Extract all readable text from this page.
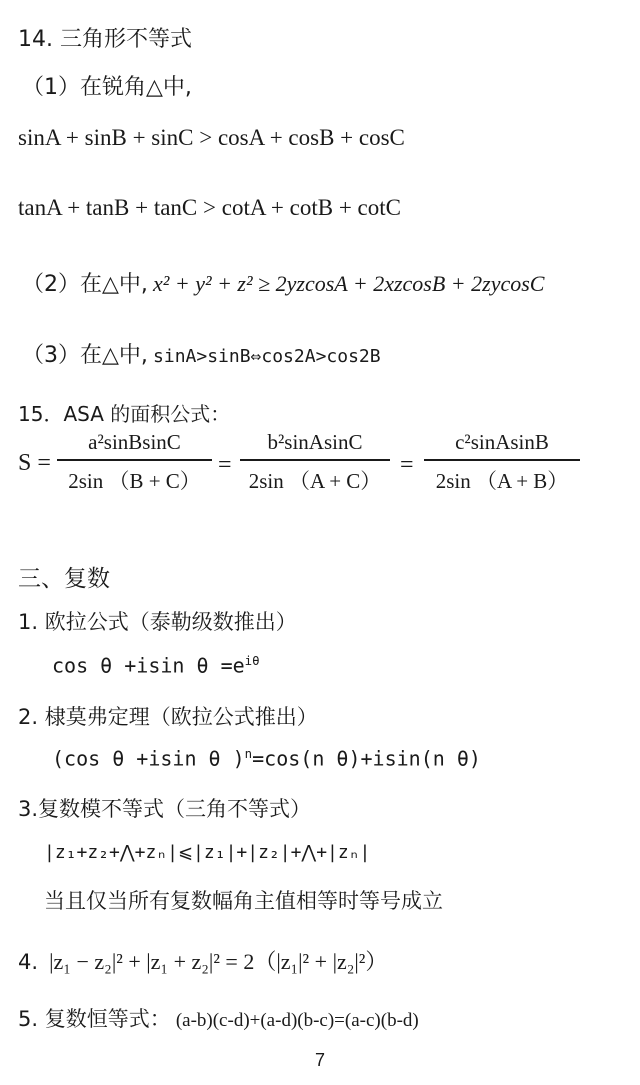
14. 三角形不等式
（1）在锐角△中,
sinA + sinB + sinC > cosA + cosB + cosC
tanA + tanB + tanC > cotA + cotB + cotC
（2）在△中, x² + y² + z² ≥ 2yzcosA + 2xzcosB + 2zycosC
（3）在△中, sinA>sinB⇔cos2A>cos2B
15．ASA 的面积公式：
S =
a²sinBsinC
2sin （B + C）
=
b²sinAsinC
2sin （A + C）
=
c²sinAsinB
2sin （A + B）
三、复数
1. 欧拉公式（泰勒级数推出）
cos θ +isin $\theta =e^{i\theta}$
2. 棣莫弗定理（欧拉公式推出）
(cos θ +isin θ )$^n$=cos(n θ)+isin(n θ)
3.复数模不等式（三角不等式）
|z₁+z₂+⋀+zₙ|⩽|z₁|+|z₂|+⋀+|zₙ|
当且仅当所有复数幅角主值相等时等号成立
4. |z₁ − z₂|² + |z₁ + z₂|² = 2（|z₁|² + |z₂|²）
5. 复数恒等式： (a-b)(c-d)+(a-d)(b-c)=(a-c)(b-d)
7
